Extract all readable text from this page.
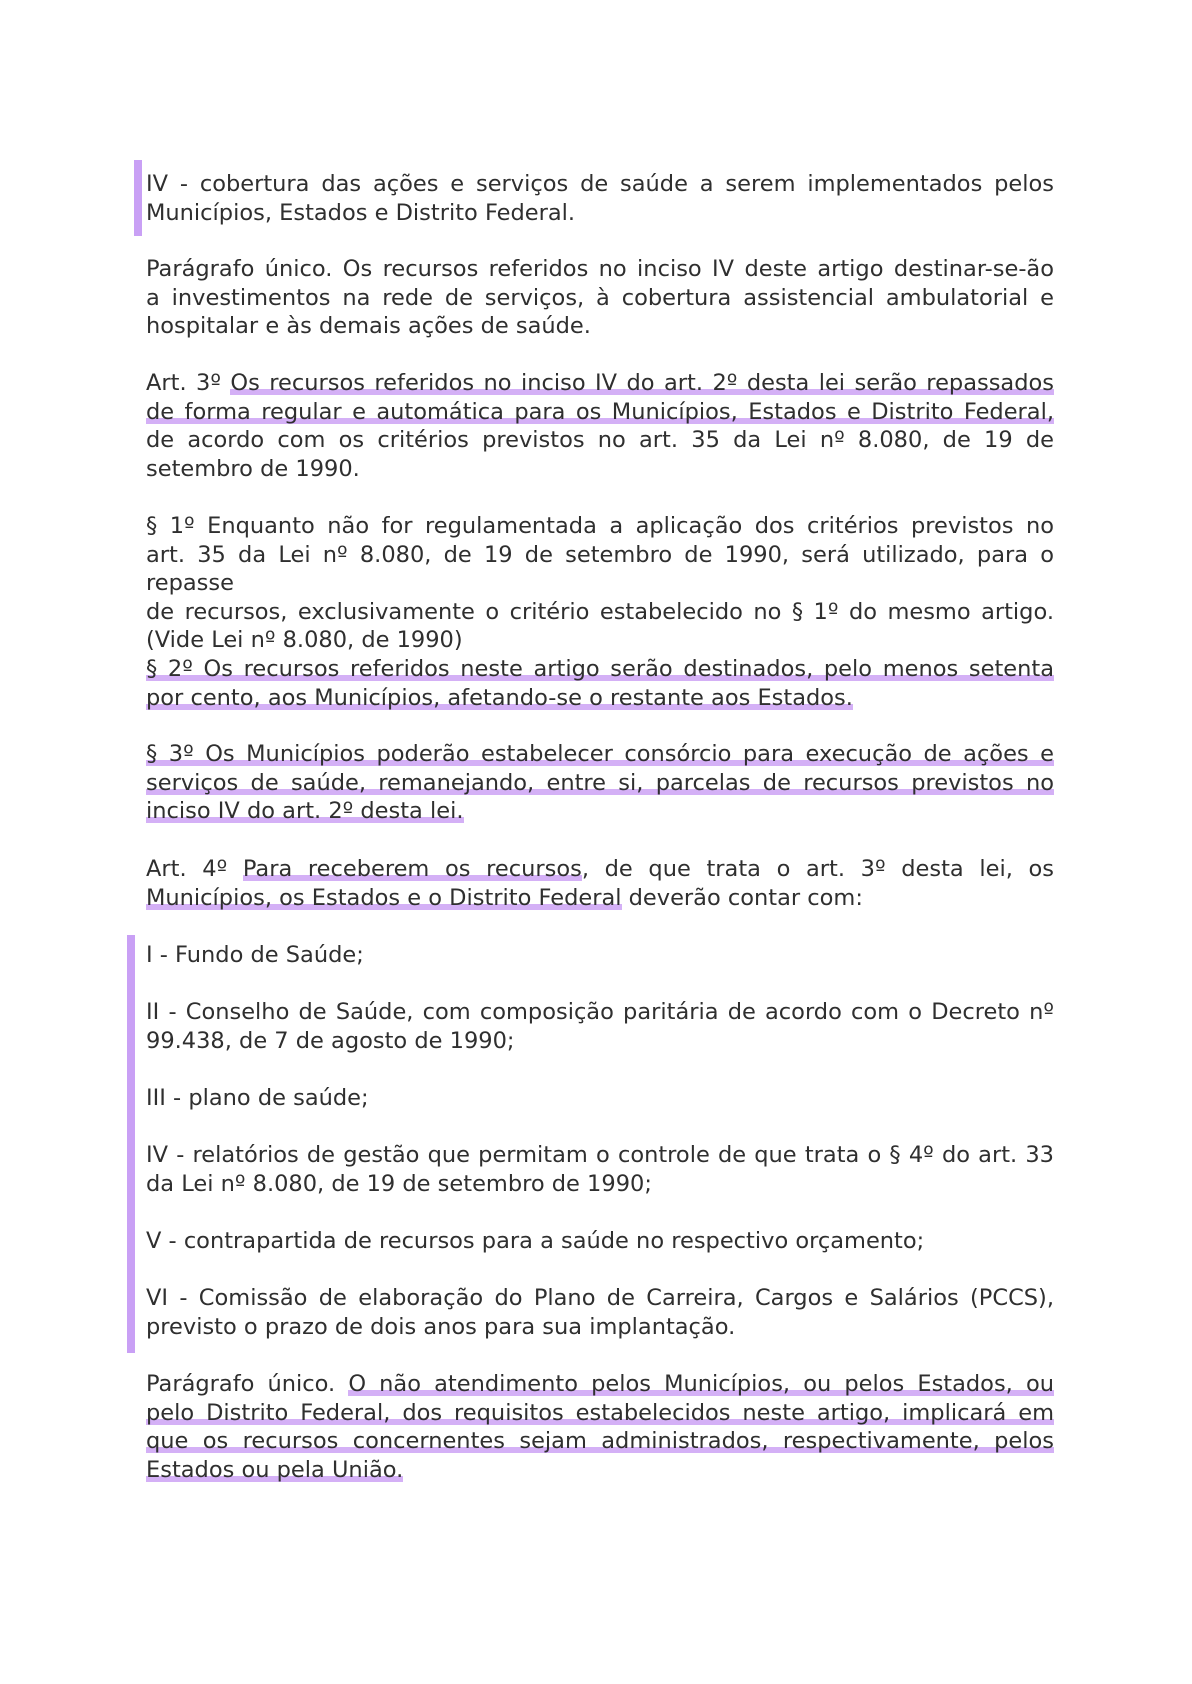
IV - cobertura das ações e serviços de saúde a serem implementados pelos
Municípios, Estados e Distrito Federal.
Parágrafo único. Os recursos referidos no inciso IV deste artigo destinar-se-ão
a investimentos na rede de serviços, à cobertura assistencial ambulatorial e
hospitalar e às demais ações de saúde.
Art. 3º Os recursos referidos no inciso IV do art. 2º desta lei serão repassados
de forma regular e automática para os Municípios, Estados e Distrito Federal,
de acordo com os critérios previstos no art. 35 da Lei nº 8.080, de 19 de
setembro de 1990.
§ 1º Enquanto não for regulamentada a aplicação dos critérios previstos no
art. 35 da Lei nº 8.080, de 19 de setembro de 1990, será utilizado, para o repasse
de recursos, exclusivamente o critério estabelecido no § 1º do mesmo artigo.
(Vide Lei nº 8.080, de 1990)
§ 2º Os recursos referidos neste artigo serão destinados, pelo menos setenta
por cento, aos Municípios, afetando-se o restante aos Estados.
§ 3º Os Municípios poderão estabelecer consórcio para execução de ações e
serviços de saúde, remanejando, entre si, parcelas de recursos previstos no
inciso IV do art. 2º desta lei.
Art. 4º Para receberem os recursos, de que trata o art. 3º desta lei, os
Municípios, os Estados e o Distrito Federal deverão contar com:
I - Fundo de Saúde;
II - Conselho de Saúde, com composição paritária de acordo com o Decreto nº
99.438, de 7 de agosto de 1990;
III - plano de saúde;
IV - relatórios de gestão que permitam o controle de que trata o § 4º do art. 33
da Lei nº 8.080, de 19 de setembro de 1990;
V - contrapartida de recursos para a saúde no respectivo orçamento;
VI - Comissão de elaboração do Plano de Carreira, Cargos e Salários (PCCS),
previsto o prazo de dois anos para sua implantação.
Parágrafo único. O não atendimento pelos Municípios, ou pelos Estados, ou
pelo Distrito Federal, dos requisitos estabelecidos neste artigo, implicará em
que os recursos concernentes sejam administrados, respectivamente, pelos
Estados ou pela União.
